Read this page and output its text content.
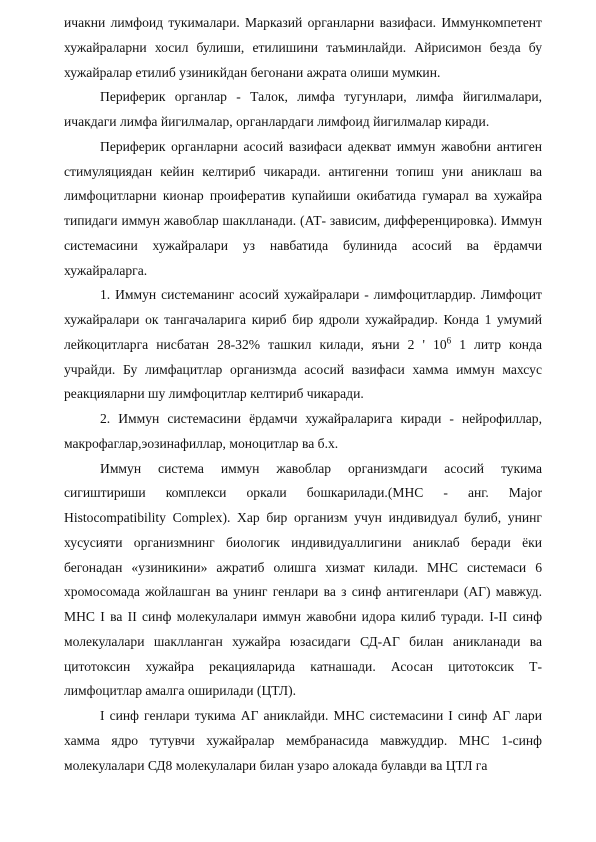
ичакни лимфоид тукималари. Марказий органларни вазифаси. Иммункомпетент хужайраларни хосил булиши, етилишини таъминлайди. Айрисимон безда бу хужайралар етилиб узиникйдан бегонани ажрата олиши мумкин.

Периферик органлар - Талок, лимфа тугунлари, лимфа йигилмалари, ичакдаги лимфа йигилмалар, органлардаги лимфоид йигилмалар киради.

Периферик органларни асосий вазифаси адекват иммун жавобни антиген стимуляциядан кейин келтириб чикаради. антигенни топиш уни аниклаш ва лимфоцитларни кионар проиферaтив купайиши окибатида гумарал ва хужайра типидаги иммун жавоблар шаклланади. (АТ- зависим, дифференцировка). Иммун системасини хужайралари уз навбатида булинида асосий ва ёрдамчи хужайраларга.

1. Иммун системанинг асосий хужайралари - лимфоцитлардир. Лимфоцит хужайралари ок тангачаларига кириб бир ядроли хужайрадир. Конда 1 умумий лейкоцитларга нисбатан 28-32% ташкил килади, яъни 2 ' $10^6$ 1 литр конда учрайди. Бу лимфацитлар организмда асосий вазифаси хамма иммун махсус реакцияларни шу лимфоцитлар келтириб чикаради.

2. Иммун системасини ёрдамчи хужайраларига киради - нейрофиллар, макрофаглар,эозинафиллар, моноцитлар ва б.х.

Иммун система иммун жавоблар организмдаги асосий тукима сигиштириши комплекси оркали бошкарилади.(МНС - анг. Major Histocompatibility Complex). Хар бир организм учун индивидуал булиб, унинг хусусияти организмнинг биологик индивидуаллигини аниклаб беради ёки бегонадан «узиникини» ажратиб олишга хизмат килади. МНС системаси 6 хромосомада жойлашган ва унинг генлари ва з синф антигенлари (АГ) мавжуд. МНС I ва II синф молекулалари иммун жавобни идора килиб туради. I-II синф молекулалари шаклланган хужайра юзасидаги СД-АГ билан аникланади ва цитотоксин хужайра рекацияларида катнашади. Асосан цитотоксик Т-лимфоцитлар амалга оширилади (ЦТЛ).

I синф генлари тукима АГ аниклайди. МНС системасини I синф АГ лари хамма ядро тутувчи хужайралар мембранасида мавжуддир. МНС 1-синф молекулалари СД8 молекулалари билан узаро алокада булавди ва ЦТЛ га
